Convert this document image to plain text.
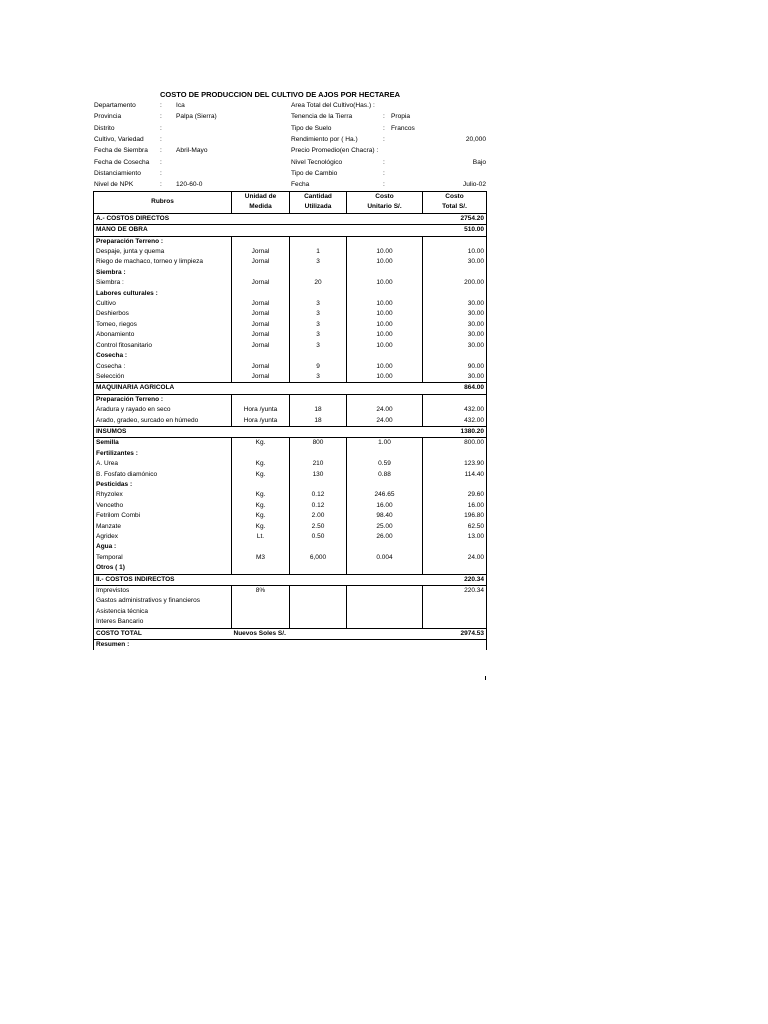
COSTO DE PRODUCCION DEL CULTIVO DE AJOS POR HECTAREA
Departamento	: Ica	Area Total del Cultivo(Has.) :
Provincia	: Palpa (Sierra)	Tenencia de la Tierra	: Propia
Distrito	:	Tipo de Suelo	: Francos
Cultivo, Variedad :	Rendimiento por ( Ha.)	:	20,000
Fecha de Siembra : Abril-Mayo	Precio Promedio(en Chacra) :
Fecha de Cosecha :	Nivel Tecnológico	:	Bajo
Distanciamiento	:	Tipo de Cambio	:
Nivel de NPK	: 120-60-0	Fecha	:	Julio-02
Rubros	Unidad de	Cantidad	Costo	Costo
	Medida	Utilizada	Unitario S/.	Total S/.
A.- COSTOS DIRECTOS				2754.20
MANO DE OBRA				510.00
Preparación Terreno :				
Despaje, junta y quema	Jornal	1	10.00	10.00
Riego de machaco, torneo y limpieza	Jornal	3	10.00	30.00
Siembra :				
Siembra :	Jornal	20	10.00	200.00
Labores culturales :				
Cultivo	Jornal	3	10.00	30.00
Deshierbos	Jornal	3	10.00	30.00
Tomeo, riegos	Jornal	3	10.00	30.00
Abonamiento	Jornal	3	10.00	30.00
Control fitosanitario	Jornal	3	10.00	30.00
Cosecha :				
Cosecha :	Jornal	9	10.00	90.00
Selección	Jornal	3	10.00	30.00
MAQUINARIA AGRICOLA				864.00
Preparación Terreno :				
Aradura y rayado en seco	Hora /yunta	18	24.00	432.00
Arado, gradeo, surcado en húmedo	Hora /yunta	18	24.00	432.00
INSUMOS				1380.20
Semilla	Kg.	800	1.00	800.00
Fertilizantes :				
A. Urea	Kg.	210	0.59	123.90
B. Fosfato diamónico	Kg.	130	0.88	114.40
Pesticidas :				
Rhyzolex	Kg.	0.12	246.65	29.60
Vencetho	Kg.	0.12	16.00	16.00
Fetrilom Combi	Kg.	2.00	98.40	196.80
Manzate	Kg.	2.50	25.00	62.50
Agridex	Lt.	0.50	26.00	13.00
Agua :				
Temporal	M3	6,000	0.004	24.00
Otros ( 1)				
II.- COSTOS INDIRECTOS				220.34
Imprevistos	8%			220.34
Gastos administrativos y financieros				
Asistencia técnica				
Interes Bancario				
COSTO TOTAL	Nuevos Soles S/.			2974.53
Resumen :				
